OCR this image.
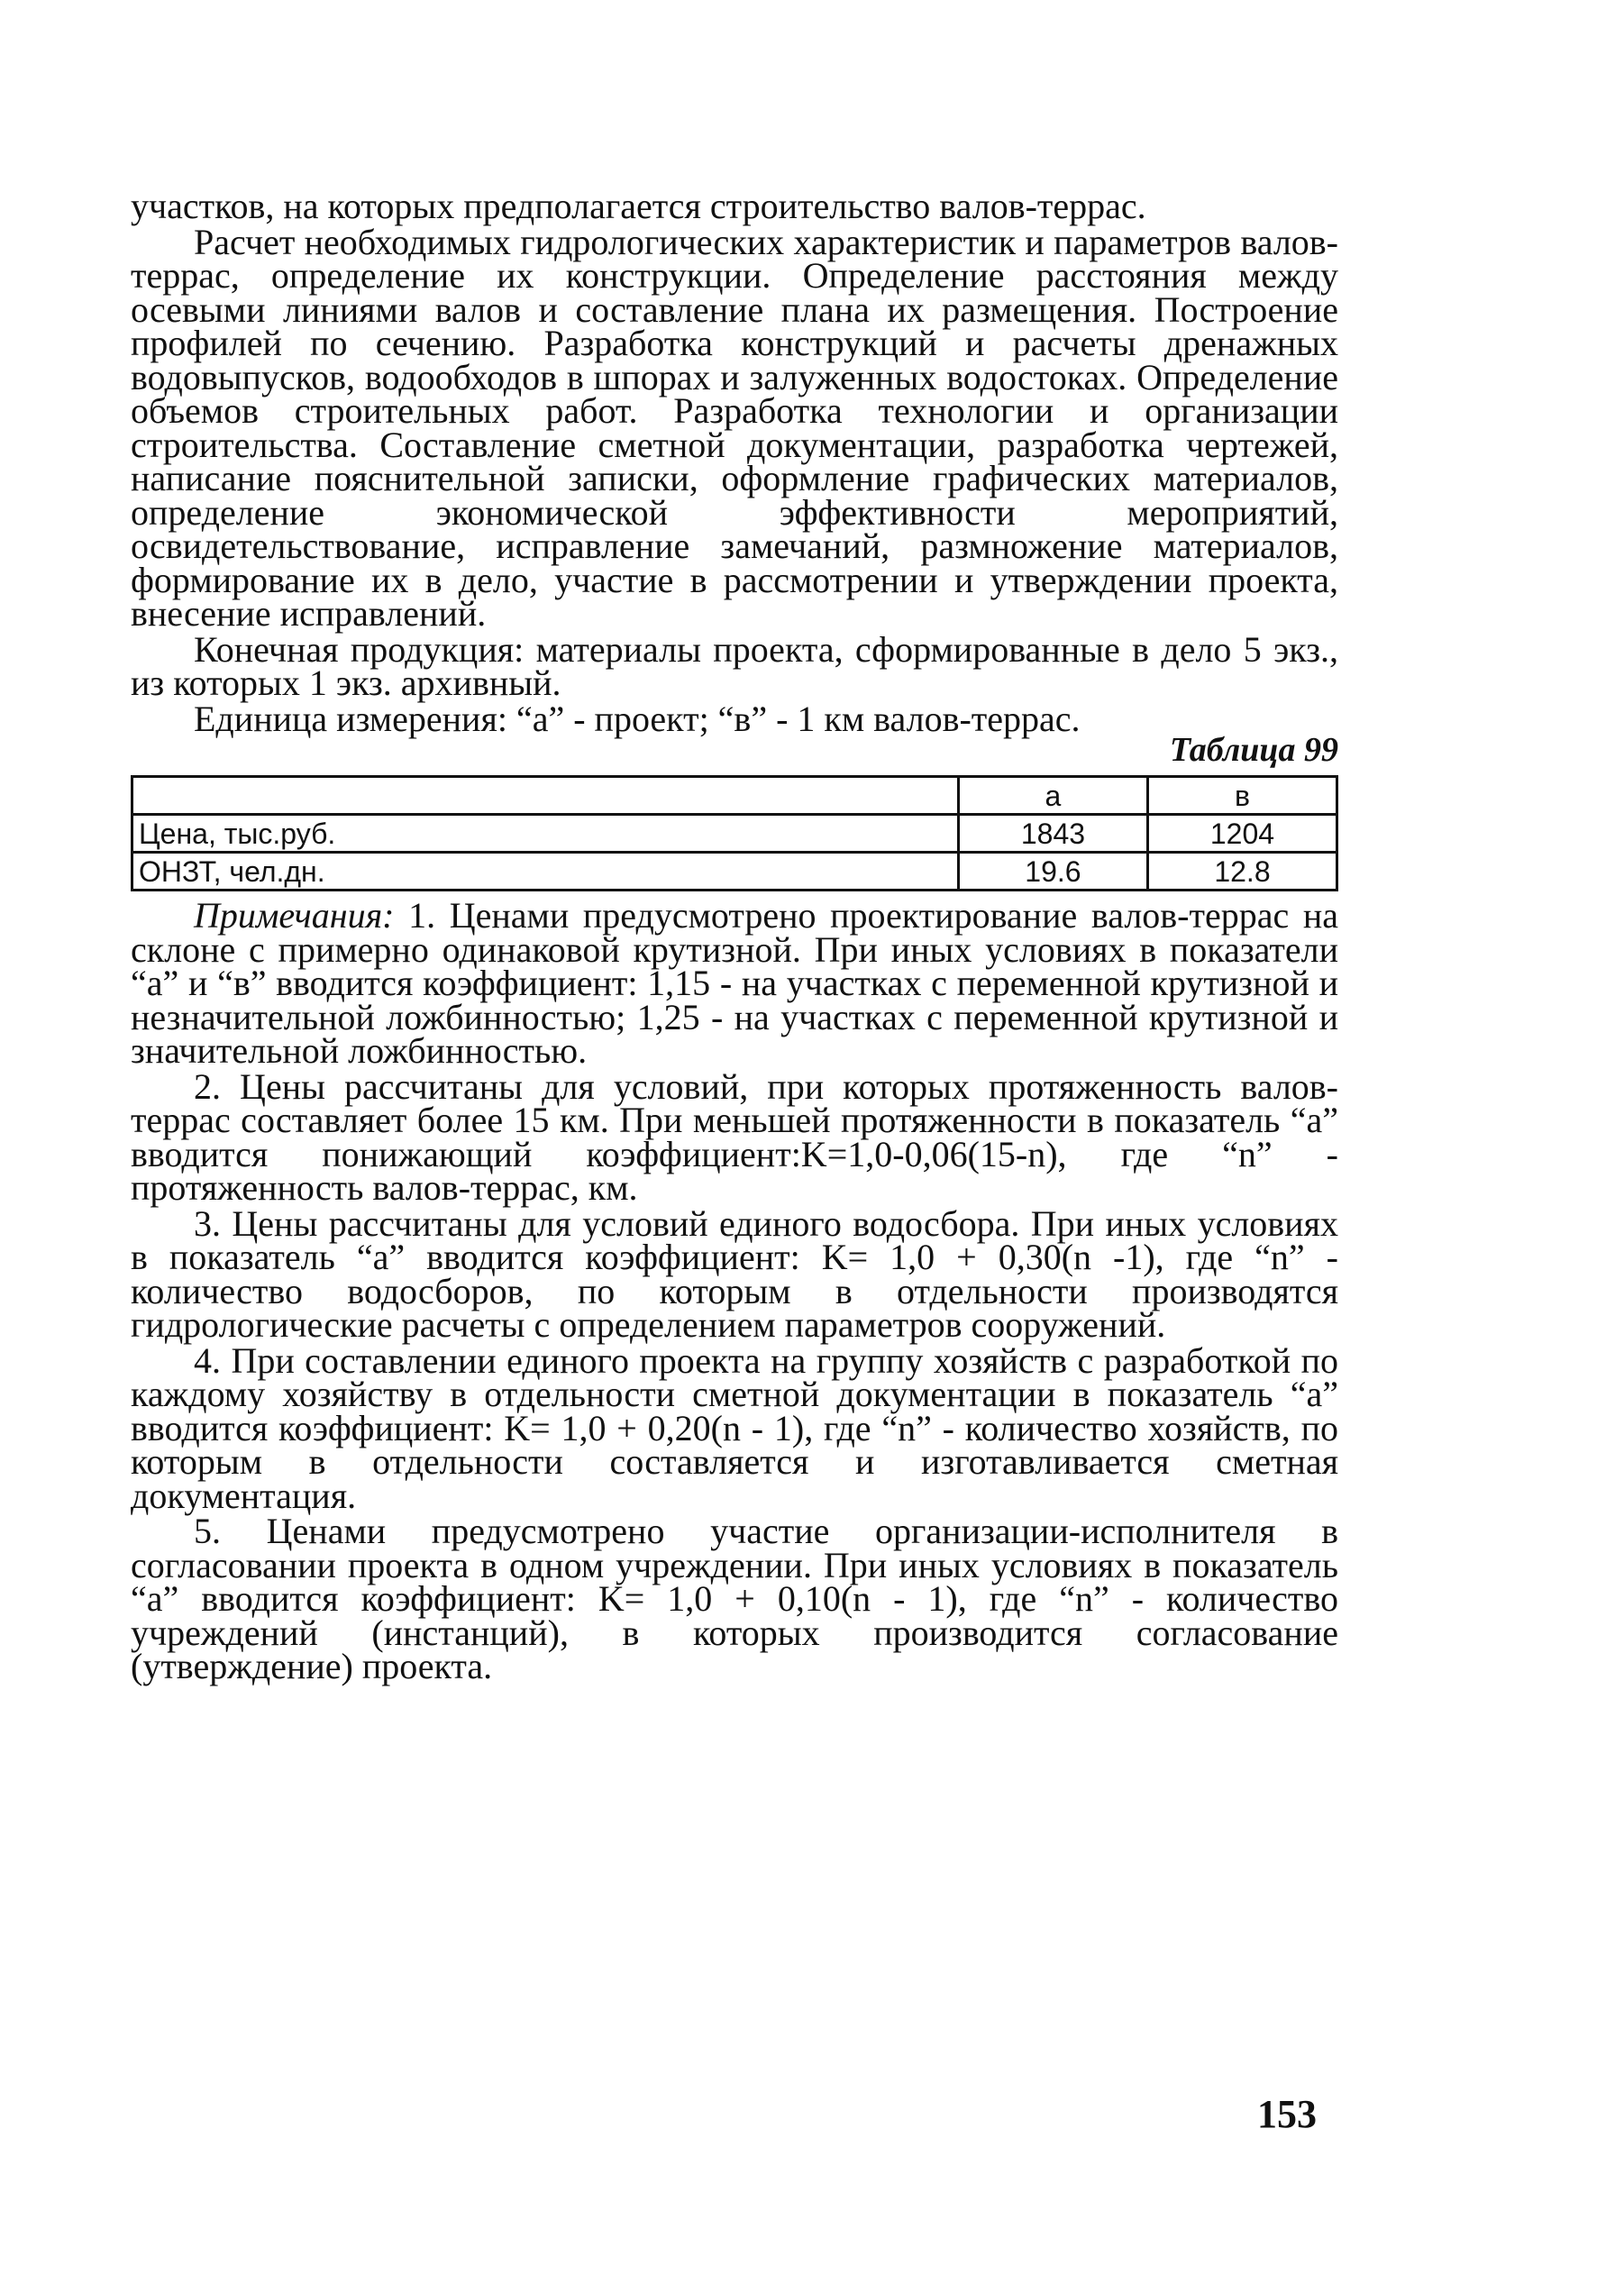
участков, на которых предполагается строительство валов-террас.

Расчет необходимых гидрологических характеристик и параметров валов-террас, определение их конструкции. Определение расстояния между осевыми линиями валов и составление плана их размещения. Построение профилей по сечению. Разработка конструкций и расчеты дренажных водовыпусков, водообходов в шпорах и залуженных водостоках. Определение объемов строительных работ. Разработка технологии и организации строительства. Составление сметной документации, разработка чертежей, написание пояснительной записки, оформление графических материалов, определение экономической эффективности мероприятий, освидетельствование, исправление замечаний, размножение материалов, формирование их в дело, участие в рассмотрении и утверждении проекта, внесение исправлений.

Конечная продукция: материалы проекта, сформированные в дело 5 экз., из которых 1 экз. архивный.

Единица измерения: “а” - проект; “в” - 1 км валов-террас.

Таблица 99
	а	в
Цена, тыс.руб.	1843	1204
ОНЗТ, чел.дн.	19.6	12.8

Примечания: 1. Ценами предусмотрено проектирование валов-террас на склоне с примерно одинаковой крутизной. При иных условиях в показатели “а” и “в” вводится коэффициент: 1,15 - на участках с переменной крутизной и незначительной ложбинностью; 1,25 - на участках с переменной крутизной и значительной ложбинностью.

2. Цены рассчитаны для условий, при которых протяженность валов-террас составляет более 15 км. При меньшей протяженности в показатель “а” вводится понижающий коэффициент:K=1,0-0,06(15-n), где “n” - протяженность валов-террас, км.

3. Цены рассчитаны для условий единого водосбора. При иных условиях в показатель “а” вводится коэффициент: K= 1,0 + 0,30(n -1), где “n” - количество водосборов, по которым в отдельности производятся гидрологические расчеты с определением параметров сооружений.

4. При составлении единого проекта на группу хозяйств с разработкой по каждому хозяйству в отдельности сметной документации в показатель “а” вводится коэффициент: K= 1,0 + 0,20(n - 1), где “n” - количество хозяйств, по которым в отдельности составляется и изготавливается сметная документация.

5. Ценами предусмотрено участие организации-исполнителя в согласовании проекта в одном учреждении. При иных условиях в показатель “а” вводится коэффициент: K= 1,0 + 0,10(n - 1), где “n” - количество учреждений (инстанций), в которых производится согласование (утверждение) проекта.

153
